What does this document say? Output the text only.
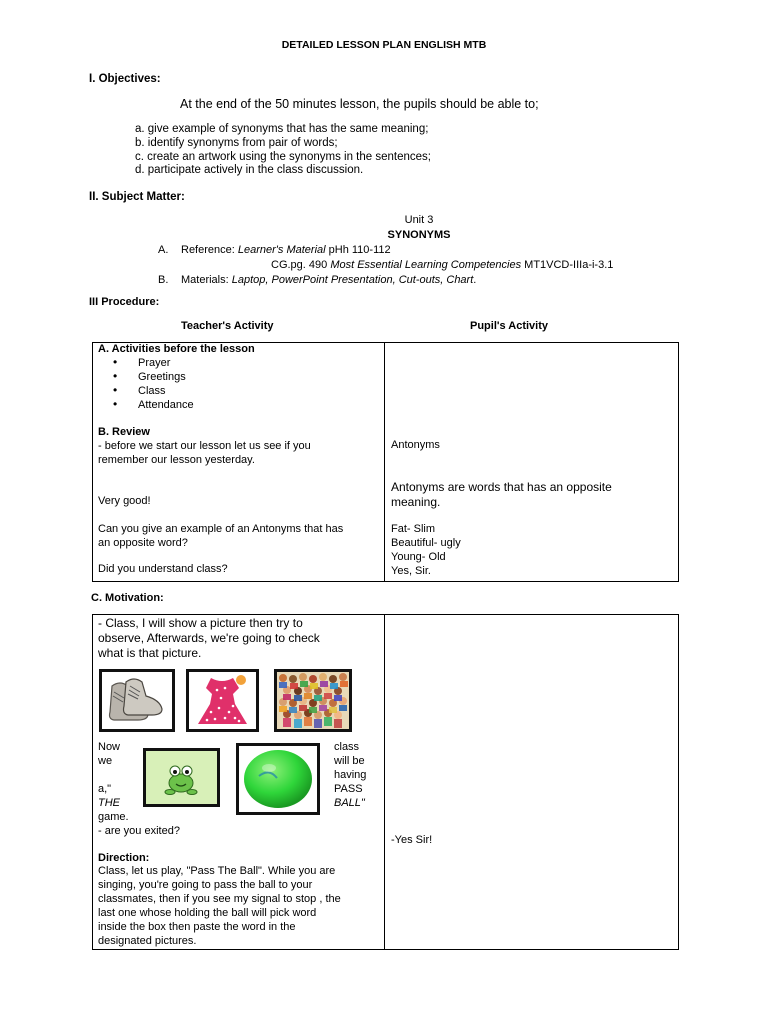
DETAILED LESSON PLAN ENGLISH MTB
I. Objectives:
At the end of the 50 minutes lesson, the pupils should be able to;
a. give example of synonyms that has the same meaning;
b. identify synonyms from pair of words;
c. create an artwork using the synonyms in the sentences;
d. participate actively in the class discussion.
II. Subject Matter:
Unit 3
SYNONYMS
A. Reference: Learner's Material pHh 110-112
CG.pg. 490 Most Essential Learning Competencies MT1VCD-IIIa-i-3.1
B. Materials: Laptop, PowerPoint Presentation, Cut-outs, Chart.
III Procedure:
Teacher's Activity	Pupil's Activity
A. Activities before the lesson
• Prayer
• Greetings
• Class
• Attendance
B. Review
- before we start our lesson let us see if you
remember our lesson yesterday.
Very good!
Can you give an example of an Antonyms that has
an opposite word?
Did you understand class?
Antonyms
Antonyms are words that has an opposite
meaning.
Fat- Slim
Beautiful- ugly
Young- Old
Yes, Sir.
C. Motivation:
- Class, I will show a picture then try to
observe, Afterwards, we're going to check
what is that picture.
Now
we
a,"
THE
game.
class
will be
having
PASS
BALL"
- are you exited?
Direction:
Class, let us play, "Pass The Ball". While you are
singing, you're going to pass the ball to your
classmates, then if you see my signal to stop , the
last one whose holding the ball will pick word
inside the box then paste the word in the
designated pictures.
-Yes Sir!
